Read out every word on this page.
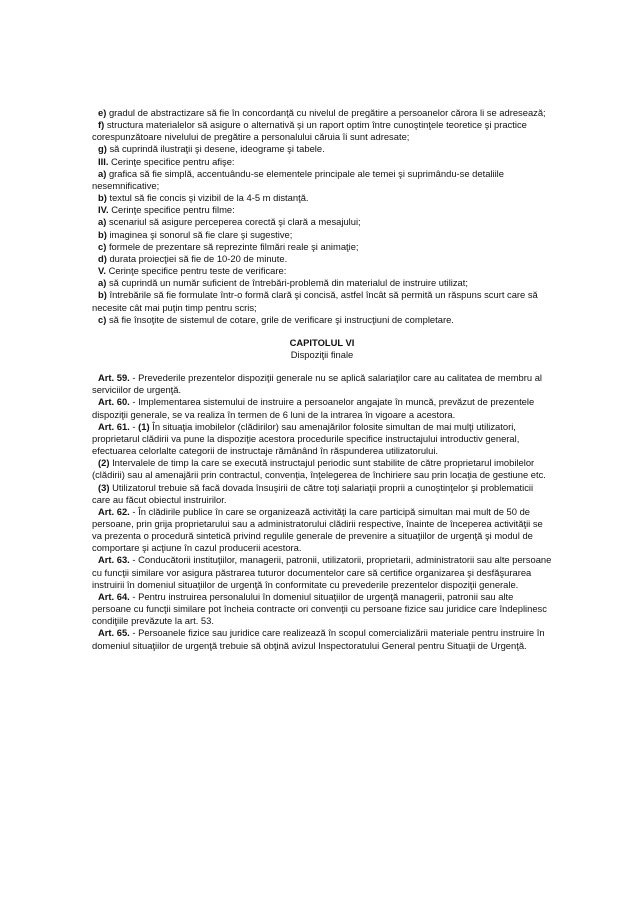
e) gradul de abstractizare să fie în concordanţă cu nivelul de pregătire a persoanelor cărora li se adresează;

f) structura materialelor să asigure o alternativă şi un raport optim între cunoştinţele teoretice şi practice corespunzătoare nivelului de pregătire a personalului căruia îi sunt adresate;

g) să cuprindă ilustraţii şi desene, ideograme şi tabele.

III. Cerinţe specifice pentru afişe:

a) grafica să fie simplă, accentuându-se elementele principale ale temei şi suprimându-se detaliile nesemnificative;

b) textul să fie concis şi vizibil de la 4-5 m distanţă.

IV. Cerinţe specifice pentru filme:

a) scenariul să asigure perceperea corectă şi clară a mesajului;

b) imaginea şi sonorul să fie clare şi sugestive;

c) formele de prezentare să reprezinte filmări reale şi animaţie;

d) durata proiecţiei să fie de 10-20 de minute.

V. Cerinţe specifice pentru teste de verificare:

a) să cuprindă un număr suficient de întrebări-problemă din materialul de instruire utilizat;

b) întrebările să fie formulate într-o formă clară şi concisă, astfel încât să permită un răspuns scurt care să necesite cât mai puţin timp pentru scris;

c) să fie însoţite de sistemul de cotare, grile de verificare şi instrucţiuni de completare.

CAPITOLUL VI

Dispoziţii finale

Art. 59. - Prevederile prezentelor dispoziţii generale nu se aplică salariaţilor care au calitatea de membru al serviciilor de urgenţă.

Art. 60. - Implementarea sistemului de instruire a persoanelor angajate în muncă, prevăzut de prezentele dispoziţii generale, se va realiza în termen de 6 luni de la intrarea în vigoare a acestora.

Art. 61. - (1) În situaţia imobilelor (clădirilor) sau amenajărilor folosite simultan de mai mulţi utilizatori, proprietarul clădirii va pune la dispoziţie acestora procedurile specifice instructajului introductiv general, efectuarea celorlalte categorii de instructaje rămânând în răspunderea utilizatorului.

(2) Intervalele de timp la care se execută instructajul periodic sunt stabilite de către proprietarul imobilelor (clădirii) sau al amenajării prin contractul, convenţia, înţelegerea de închiriere sau prin locaţia de gestiune etc.

(3) Utilizatorul trebuie să facă dovada însuşirii de către toţi salariaţii proprii a cunoştinţelor şi problematicii care au făcut obiectul instruirilor.

Art. 62. - În clădirile publice în care se organizează activităţi la care participă simultan mai mult de 50 de persoane, prin grija proprietarului sau a administratorului clădirii respective, înainte de începerea activităţii se va prezenta o procedură sintetică privind regulile generale de prevenire a situaţiilor de urgenţă şi modul de comportare şi acţiune în cazul producerii acestora.

Art. 63. - Conducătorii instituţiilor, managerii, patronii, utilizatorii, proprietarii, administratorii sau alte persoane cu funcţii similare vor asigura păstrarea tuturor documentelor care să certifice organizarea şi desfăşurarea instruirii în domeniul situaţiilor de urgenţă în conformitate cu prevederile prezentelor dispoziţii generale.

Art. 64. - Pentru instruirea personalului în domeniul situaţiilor de urgenţă managerii, patronii sau alte persoane cu funcţii similare pot încheia contracte ori convenţii cu persoane fizice sau juridice care îndeplinesc condiţiile prevăzute la art. 53.

Art. 65. - Persoanele fizice sau juridice care realizează în scopul comercializării materiale pentru instruire în domeniul situaţiilor de urgenţă trebuie să obţină avizul Inspectoratului General pentru Situaţii de Urgenţă.
